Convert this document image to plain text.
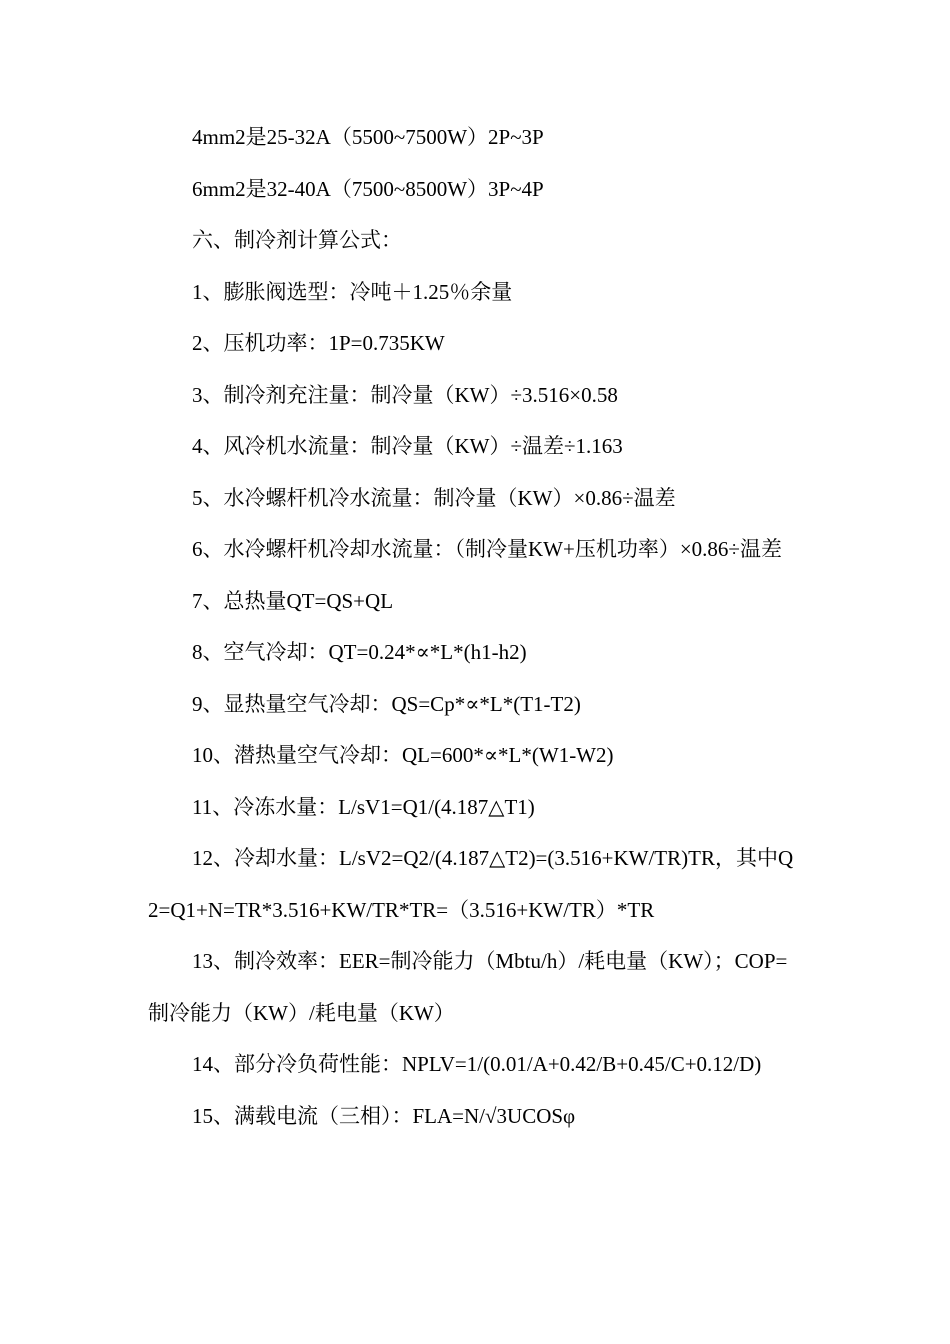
4mm2是25-32A（5500~7500W）2P~3P

6mm2是32-40A（7500~8500W）3P~4P

六、制冷剂计算公式：

1、膨胀阀选型：冷吨＋1.25％余量

2、压机功率：1P=0.735KW

3、制冷剂充注量：制冷量（KW）÷3.516×0.58

4、风冷机水流量：制冷量（KW）÷温差÷1.163

5、水冷螺杆机冷水流量：制冷量（KW）×0.86÷温差

6、水冷螺杆机冷却水流量：（制冷量KW+压机功率）×0.86÷温差

7、总热量QT=QS+QL

8、空气冷却：QT=0.24*∝*L*(h1-h2)

9、显热量空气冷却：QS=Cp*∝*L*(T1-T2)

10、潜热量空气冷却：QL=600*∝*L*(W1-W2)

11、冷冻水量：L/sV1=Q1/(4.187△T1)

12、冷却水量：L/sV2=Q2/(4.187△T2)=(3.516+KW/TR)TR，其中Q2=Q1+N=TR*3.516+KW/TR*TR=（3.516+KW/TR）*TR

13、制冷效率：EER=制冷能力（Mbtu/h）/耗电量（KW）；COP=制冷能力（KW）/耗电量（KW）

14、部分冷负荷性能：NPLV=1/(0.01/A+0.42/B+0.45/C+0.12/D)

15、满载电流（三相）：FLA=N/√3UCOSφ
